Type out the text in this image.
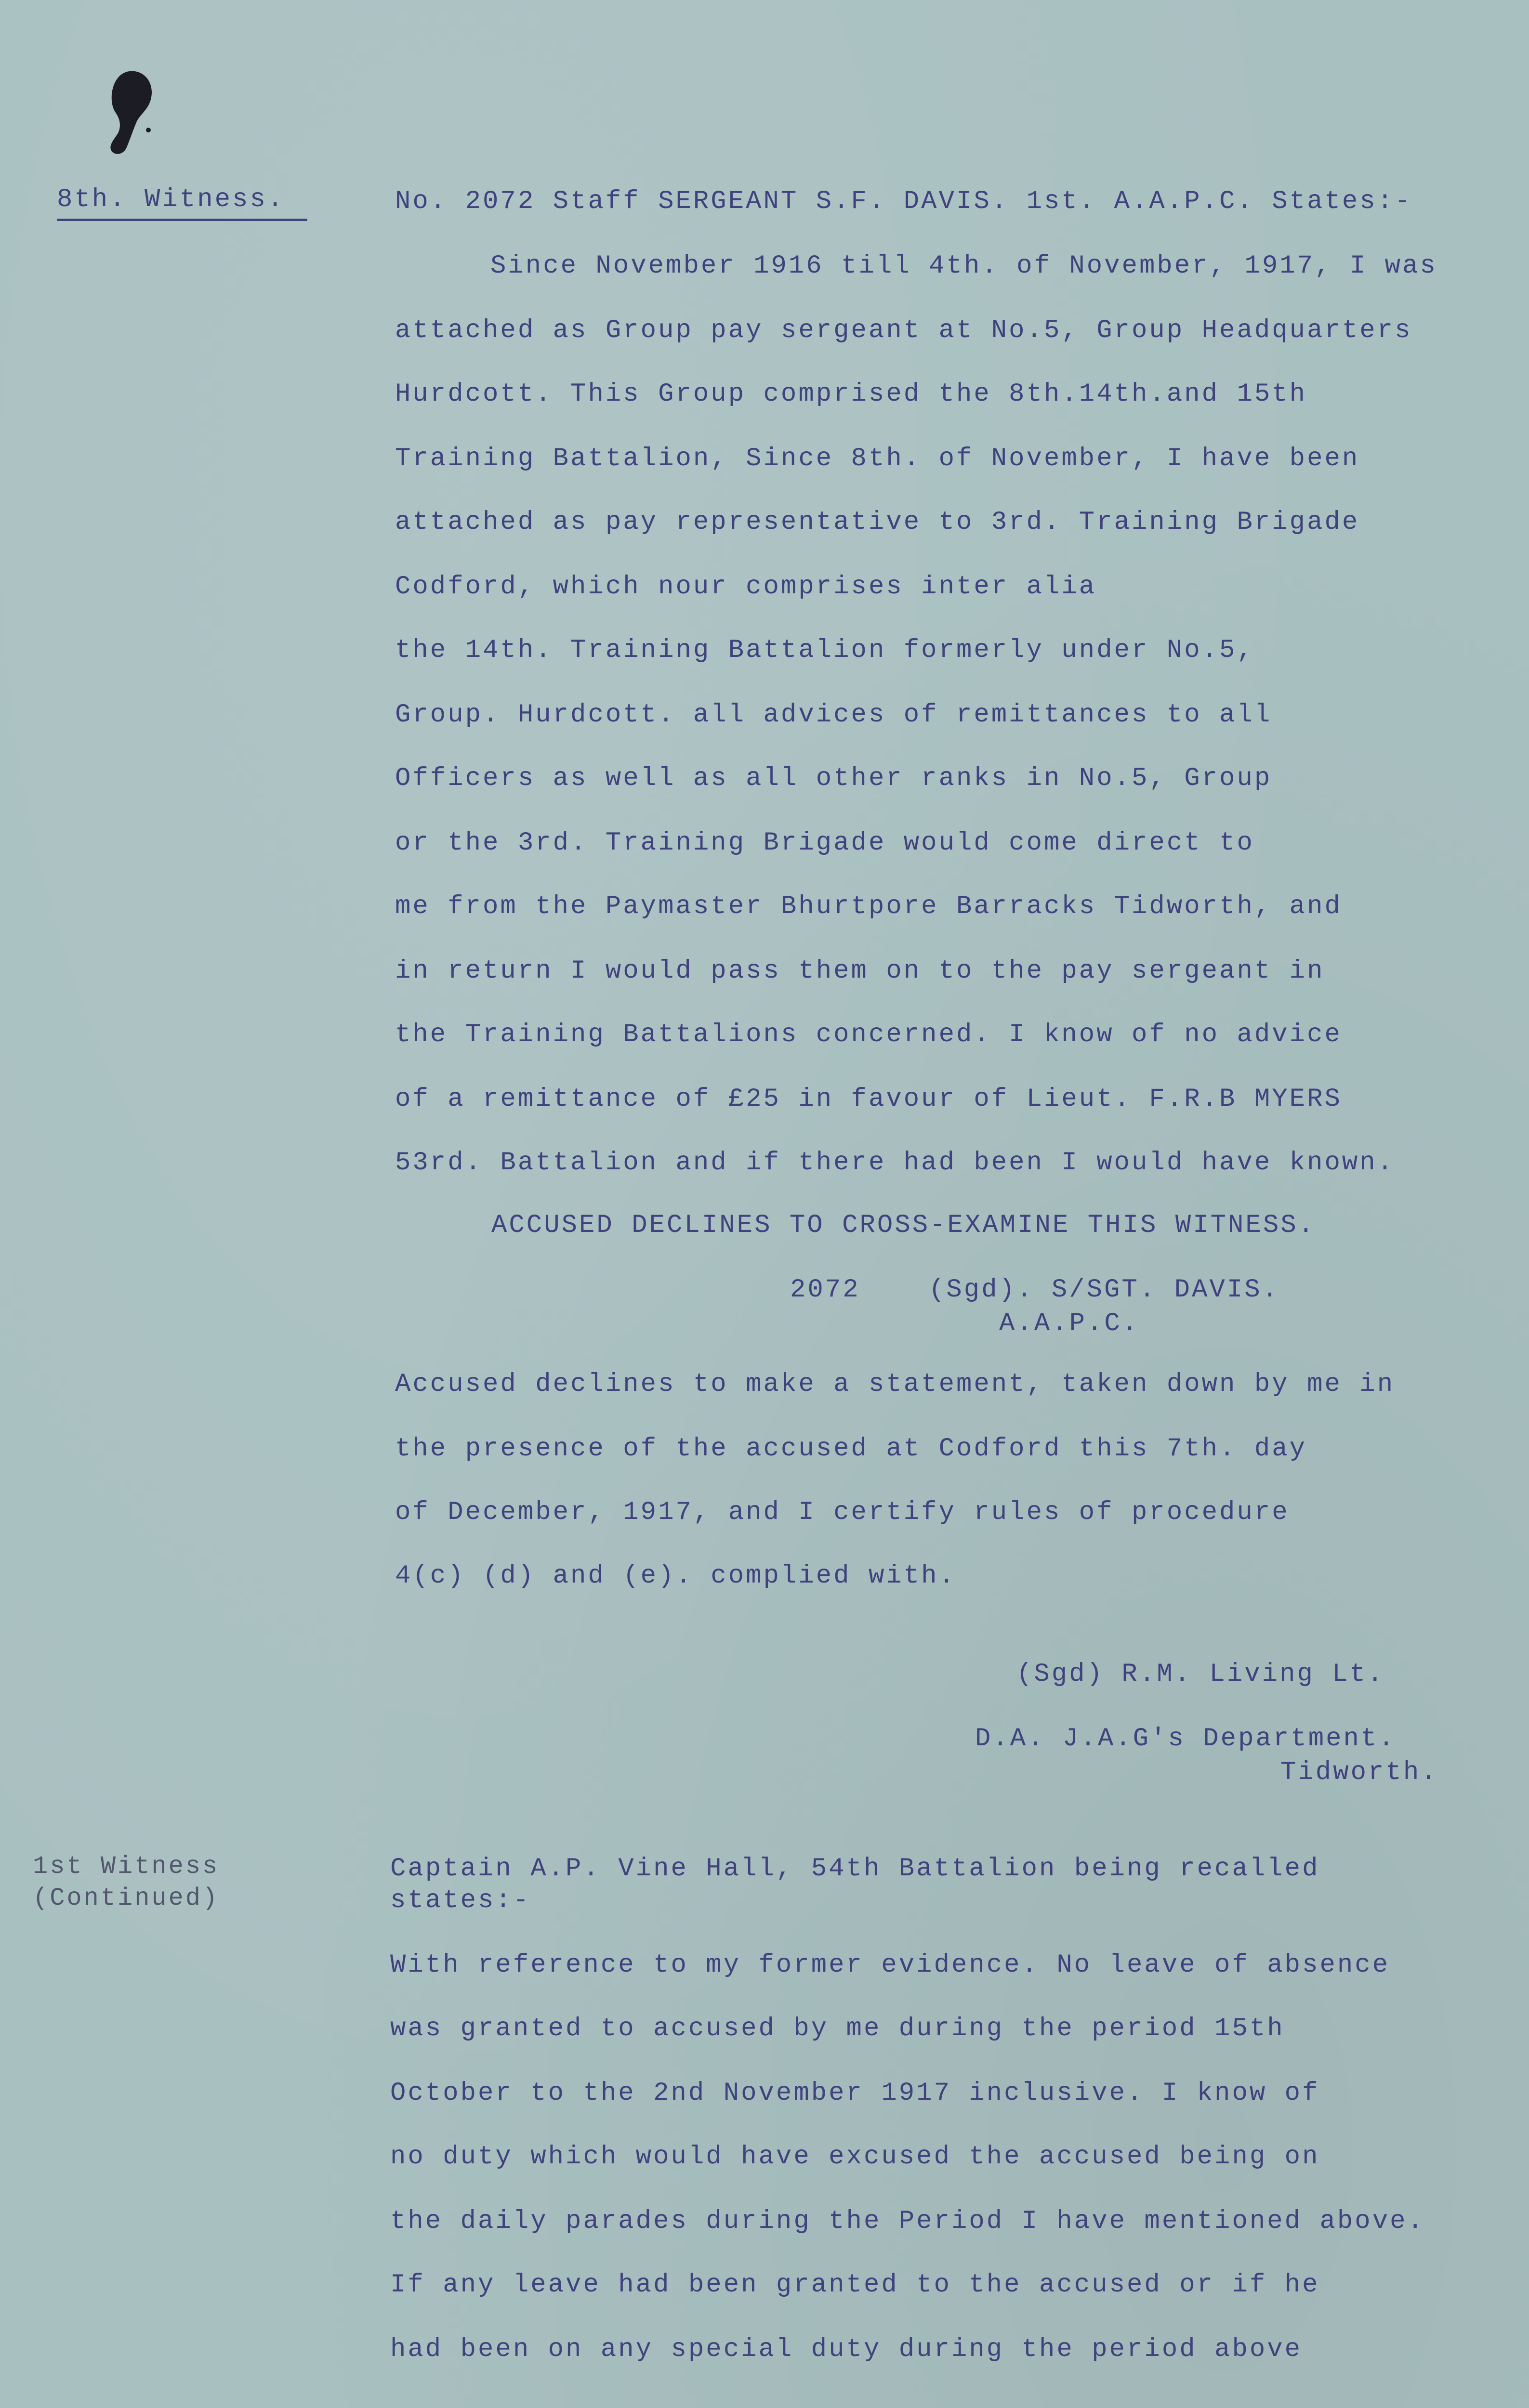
8th. Witness.	No. 2072 Staff SERGEANT S.F. DAVIS. 1st. A.A.P.C. States:-
Since November 1916 till 4th. of November, 1917, I was
attached as Group pay sergeant at No.5, Group Headquarters
Hurdcott. This Group comprised the 8th.14th.and 15th
Training Battalion, Since 8th. of November, I have been
attached as pay representative to 3rd. Training Brigade
Codford, which nour comprises inter alia
the 14th. Training Battalion formerly under No.5,
Group. Hurdcott. all advices of remittances to all
Officers as well as all other ranks in No.5, Group
or the 3rd. Training Brigade would come direct to
me from the Paymaster Bhurtpore Barracks Tidworth, and
in return I would pass them on to the pay sergeant in
the Training Battalions concerned. I know of no advice
of a remittance of £25 in favour of Lieut. F.R.B MYERS
53rd. Battalion and if there had been I would have known.
ACCUSED DECLINES TO CROSS-EXAMINE THIS WITNESS.
2072	(Sgd). S/SGT. DAVIS.
A.A.P.C.
Accused declines to make a statement, taken down by me in
the presence of the accused at Codford this 7th. day
of December, 1917, and I certify rules of procedure
4(c) (d) and (e). complied with.
(Sgd) R.M. Living Lt.
D.A. J.A.G's Department.
Tidworth.
1st Witness
(Continued)
Captain A.P. Vine Hall, 54th Battalion being recalled
states:-
With reference to my former evidence. No leave of absence
was granted to accused by me during the period 15th
October to the 2nd November 1917 inclusive. I know of
no duty which would have excused the accused being on
the daily parades during the Period I have mentioned above.
If any leave had been granted to the accused or if he
had been on any special duty during the period above
